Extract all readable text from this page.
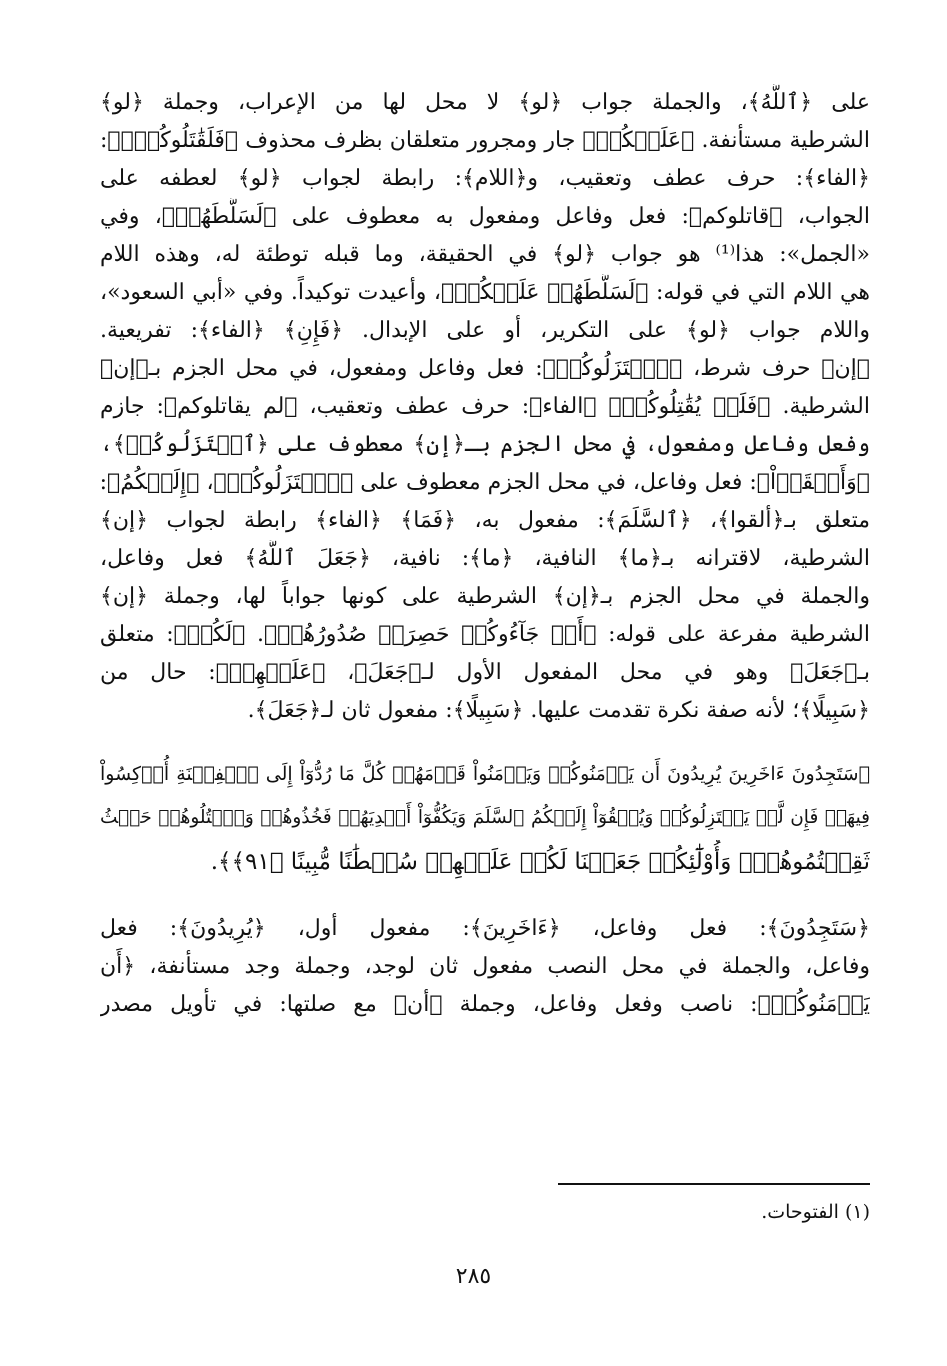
على ﴿ٱللَّهُ﴾، والجملة جواب ﴿لو﴾ لا محل لها من الإعراب، وجملة ﴿لو﴾
الشرطية مستأنفة. ﴿عَلَيۡكُمۡ﴾ جار ومجرور متعلقان بظرف محذوف ﴿فَلَقَٰتَلُوكُمۡۚ﴾:
﴿الفاء﴾: حرف عطف وتعقيب، و﴿اللام﴾: رابطة لجواب ﴿لو﴾ لعطفه على
الجواب، ﴿قاتلوكم﴾: فعل وفاعل ومفعول به معطوف على ﴿لَسَلَّطَهُمۡ﴾، وفي
«الجمل»: هذا⁽¹⁾ هو جواب ﴿لو﴾ في الحقيقة، وما قبله توطئة له، وهذه اللام
هي اللام التي في قوله: ﴿لَسَلَّطَهُمۡ عَلَيۡكُمۡ﴾، وأعيدت توكيداً. وفي «أبي السعود»،
واللام جواب ﴿لو﴾ على التكرير، أو على الإبدال. ﴿فَإِنِ﴾ ﴿الفاء﴾: تفريعية.
﴿إن﴾ حرف شرط، ﴿ٱعۡتَزَلُوكُمۡ﴾: فعل وفاعل ومفعول، في محل الجزم بـ﴿إن﴾
الشرطية. ﴿فَلَمۡ يُقَٰتِلُوكُمۡ﴾ ﴿الفاء﴾: حرف عطف وتعقيب، ﴿لم يقاتلوكم﴾: جازم
وفعل وفاعل ومفعول، في محل الجزم بـ﴿إن﴾ معطوف على ﴿ٱعۡتَزَلُوكُمۡ﴾،
﴿وَأَلۡقَوۡاْ﴾: فعل وفاعل، في محل الجزم معطوف على ﴿ٱعۡتَزَلُوكُمۡ﴾، ﴿إِلَيۡكُمُ﴾:
متعلق بـ﴿ألقوا﴾، ﴿ٱلسَّلَمَ﴾: مفعول به، ﴿فَمَا﴾ ﴿الفاء﴾ رابطة لجواب ﴿إن﴾
الشرطية، لاقترانه بـ﴿ما﴾ النافية، ﴿ما﴾: نافية، ﴿جَعَلَ ٱللَّهُ﴾ فعل وفاعل،
والجملة في محل الجزم بـ﴿إن﴾ الشرطية على كونها جواباً لها، وجملة ﴿إن﴾
الشرطية مفرعة على قوله: ﴿أَوۡ جَآءُوكُمۡ حَصِرَتۡ صُدُورُهُمۡ﴾. ﴿لَكُمۡ﴾: متعلق
بـ﴿جَعَلَ﴾ وهو في محل المفعول الأول لـ﴿جَعَلَ﴾، ﴿عَلَيۡهِمۡ﴾: حال من
﴿سَبِيلًا﴾؛ لأنه صفة نكرة تقدمت عليها. ﴿سَبِيلًا﴾: مفعول ثان لـ﴿جَعَلَ﴾.
﴿سَتَجِدُونَ ءَاخَرِينَ يُرِيدُونَ أَن يَأۡمَنُوكُمۡ وَيَأۡمَنُواْ قَوۡمَهُمۡ كُلَّ مَا رُدُّوٓاْ إِلَى ٱلۡفِتۡنَةِ أُرۡكِسُواْ
فِيهَاۚ فَإِن لَّمۡ يَعۡتَزِلُوكُمۡ وَيُلۡقُوٓاْ إِلَيۡكُمُ ٱلسَّلَمَ وَيَكُفُّوٓاْ أَيۡدِيَهُمۡ فَخُذُوهُمۡ وَٱقۡتُلُوهُمۡ حَيۡثُ
ثَقِفۡتُمُوهُمۡۚ وَأُوْلَٰٓئِكُمۡ جَعَلۡنَا لَكُمۡ عَلَيۡهِمۡ سُلۡطَٰنًا مُّبِينًا ﴿٩١﴾﴾.
﴿سَتَجِدُونَ﴾: فعل وفاعل، ﴿ءَاخَرِينَ﴾: مفعول أول، ﴿يُرِيدُونَ﴾: فعل
وفاعل، والجملة في محل النصب مفعول ثان لوجد، وجملة وجد مستأنفة، ﴿أَن
يَأۡمَنُوكُمۡ﴾: ناصب وفعل وفاعل، وجملة ﴿أن﴾ مع صلتها: في تأويل مصدر
(١) الفتوحات.
٢٨٥
